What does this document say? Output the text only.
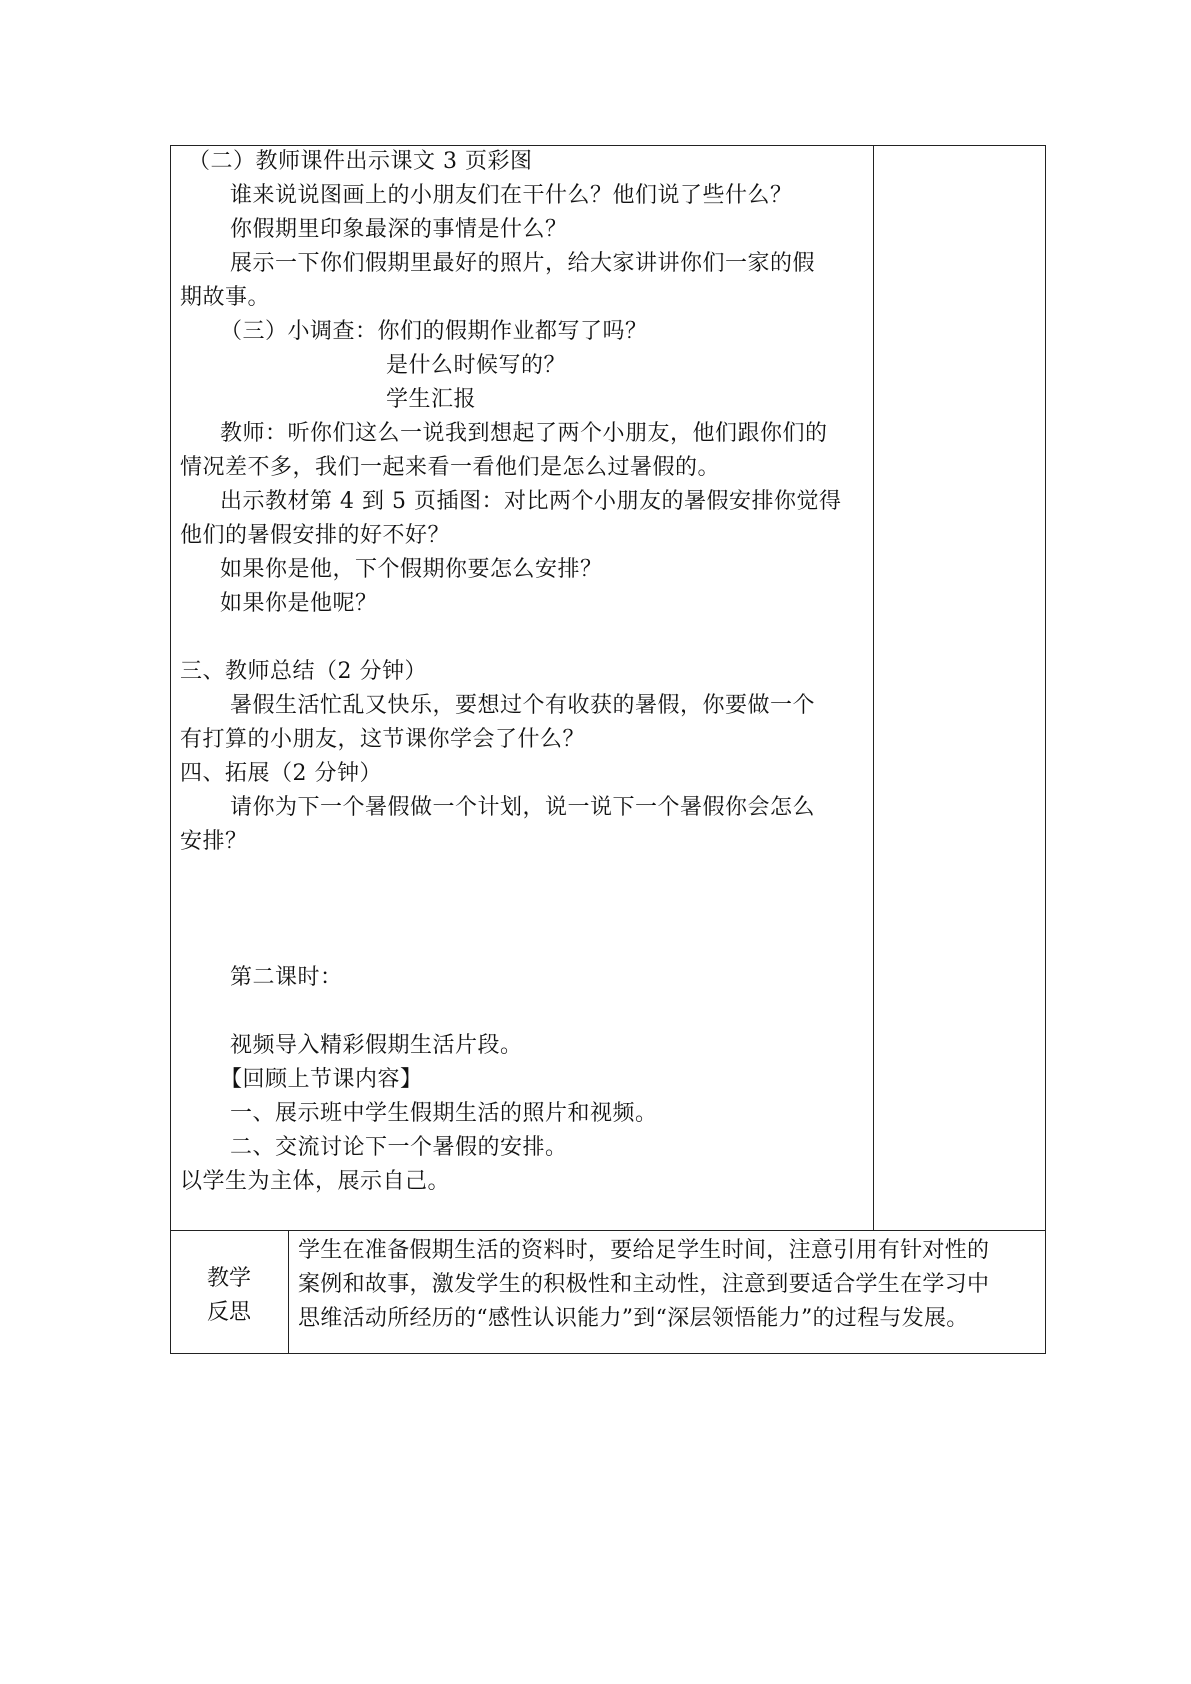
（二）教师课件出示课文 3 页彩图
谁来说说图画上的小朋友们在干什么？他们说了些什么？
你假期里印象最深的事情是什么？
展示一下你们假期里最好的照片，给大家讲讲你们一家的假
期故事。
（三）小调查：你们的假期作业都写了吗？
是什么时候写的？
学生汇报
教师：听你们这么一说我到想起了两个小朋友，他们跟你们的
情况差不多，我们一起来看一看他们是怎么过暑假的。
出示教材第 4 到 5 页插图：对比两个小朋友的暑假安排你觉得
他们的暑假安排的好不好？
如果你是他，下个假期你要怎么安排？
如果你是他呢？
三、教师总结（2 分钟）
暑假生活忙乱又快乐，要想过个有收获的暑假，你要做一个
有打算的小朋友，这节课你学会了什么？
四、拓展（2 分钟）
请你为下一个暑假做一个计划，说一说下一个暑假你会怎么
安排？
第二课时：
视频导入精彩假期生活片段。
【回顾上节课内容】
一、展示班中学生假期生活的照片和视频。
二、交流讨论下一个暑假的安排。
以学生为主体，展示自己。
教学
反思
学生在准备假期生活的资料时，要给足学生时间，注意引用有针对性的
案例和故事，激发学生的积极性和主动性，注意到要适合学生在学习中
思维活动所经历的“感性认识能力”到“深层领悟能力”的过程与发展。
